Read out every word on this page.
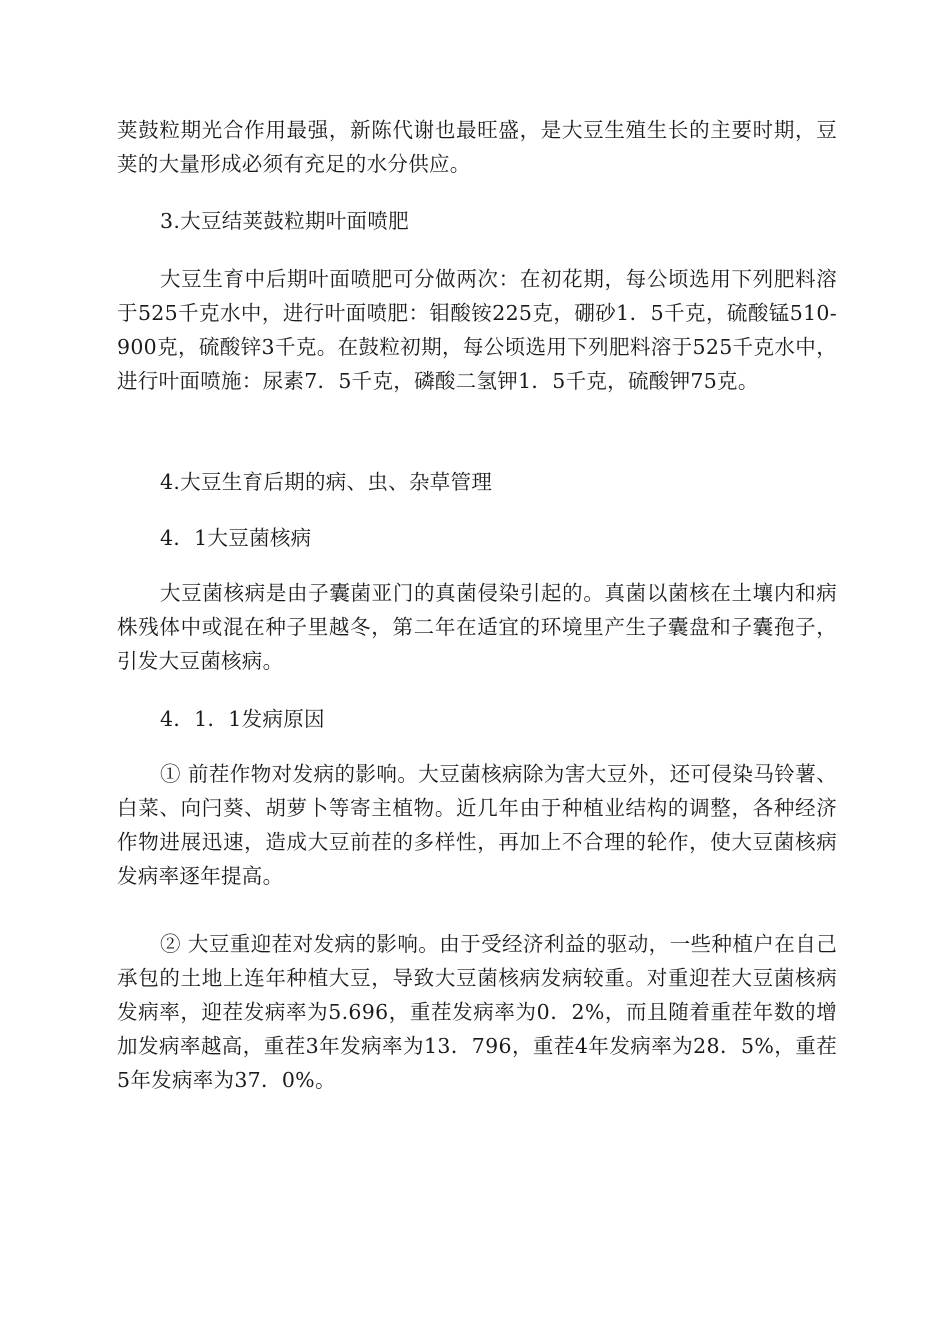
荚鼓粒期光合作用最强，新陈代谢也最旺盛，是大豆生殖生长的主要时期，豆荚的大量形成必须有充足的水分供应。

3.大豆结荚鼓粒期叶面喷肥

大豆生育中后期叶面喷肥可分做两次：在初花期，每公顷选用下列肥料溶于525千克水中，进行叶面喷肥：钼酸铵225克，硼砂1．5千克，硫酸锰510-900克，硫酸锌3千克。在鼓粒初期，每公顷选用下列肥料溶于525千克水中，进行叶面喷施：尿素7．5千克，磷酸二氢钾1．5千克，硫酸钾75克。

4.大豆生育后期的病、虫、杂草管理

4．1大豆菌核病

大豆菌核病是由子囊菌亚门的真菌侵染引起的。真菌以菌核在土壤内和病株残体中或混在种子里越冬，第二年在适宜的环境里产生子囊盘和子囊孢子，引发大豆菌核病。

4．1．1发病原因

① 前茬作物对发病的影响。大豆菌核病除为害大豆外，还可侵染马铃薯、白菜、向闩葵、胡萝卜等寄主植物。近几年由于种植业结构的调整，各种经济作物进展迅速，造成大豆前茬的多样性，再加上不合理的轮作，使大豆菌核病发病率逐年提高。

② 大豆重迎茬对发病的影响。由于受经济利益的驱动，一些种植户在自己承包的土地上连年种植大豆，导致大豆菌核病发病较重。对重迎茬大豆菌核病发病率，迎茬发病率为5.696，重茬发病率为0．2%，而且随着重茬年数的增加发病率越高，重茬3年发病率为13．796，重茬4年发病率为28．5%，重茬5年发病率为37．0%。
